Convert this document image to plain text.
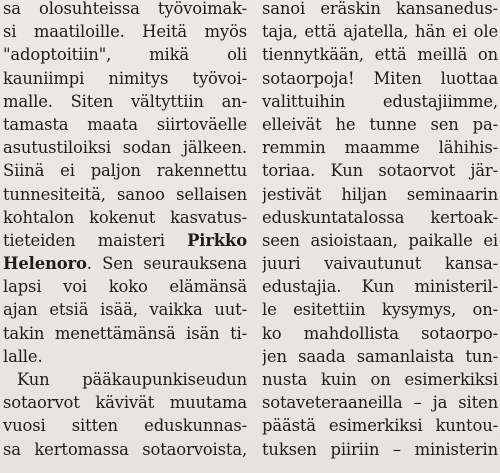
sa olosuhteissa työvoimak-
si maatiloille. Heitä myös
"adoptoitiin", mikä oli
kauniimpi nimitys työvoi-
malle. Siten vältyttiin an-
tamasta maata siirtoväelle
asutustiloiksi sodan jälkeen.
Siinä ei paljon rakennettu
tunnesiteitä, sanoo sellaisen
kohtalon kokenut kasvatus-
tieteiden maisteri Pirkko
Helenoro. Sen seurauksena
lapsi voi koko elämänsä
ajan etsiä isää, vaikka uut-
takin menettämänsä isän ti-
lalle.
Kun pääkaupunkiseudun
sotaorvot kävivät muutama
vuosi sitten eduskunnas-
sa kertomassa sotaorvoista,
sanoi eräskin kansanedus-
taja, että ajatella, hän ei ole
tiennytkään, että meillä on
sotaorpoja! Miten luottaa
valittuihin edustajiimme,
elleivät he tunne sen pa-
remmin maamme lähihis-
toriaa. Kun sotaorvot jär-
jestivät hiljan seminaarin
eduskuntatalossa kertoak-
seen asioistaan, paikalle ei
juuri vaivautunut kansa-
edustajia. Kun ministeril-
le esitettiin kysymys, on-
ko mahdollista sotaorpo-
jen saada samanlaista tun-
nusta kuin on esimerkiksi
sotaveteraaneilla – ja siten
päästä esimerkiksi kuntou-
tuksen piiriin – ministerin
